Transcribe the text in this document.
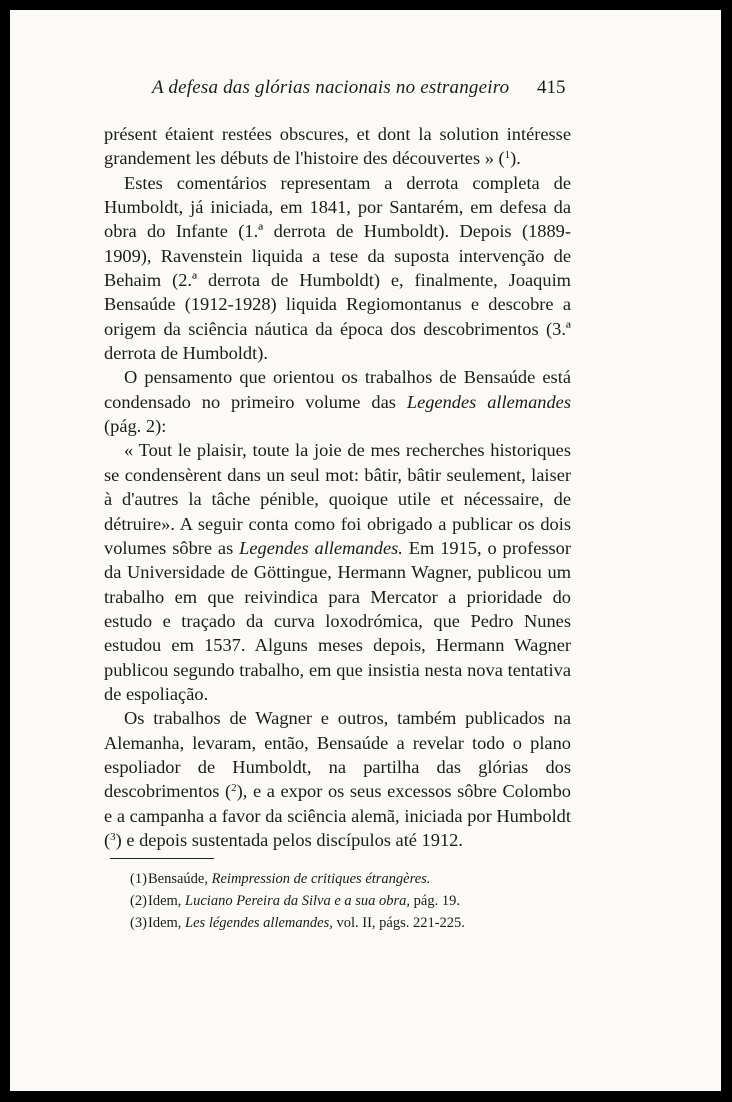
A defesa das glórias nacionais no estrangeiro 415

présent étaient restées obscures, et dont la solution intéresse grandement les débuts de l'histoire des découvertes » ($^1$).

Estes comentários representam a derrota completa de Humboldt, já iniciada, em 1841, por Santarém, em defesa da obra do Infante (1.ª derrota de Humboldt). Depois (1889-1909), Ravenstein liquida a tese da suposta intervenção de Behaim (2.ª derrota de Humboldt) e, finalmente, Joaquim Bensaúde (1912-1928) liquida Regiomontanus e descobre a origem da sciência náutica da época dos descobrimentos (3.ª derrota de Humboldt).

O pensamento que orientou os trabalhos de Bensaúde está condensado no primeiro volume das Legendes allemandes (pág. 2):

« Tout le plaisir, toute la joie de mes recherches historiques se condensèrent dans un seul mot: bâtir, bâtir seulement, laiser à d'autres la tâche pénible, quoique utile et nécessaire, de détruire». A seguir conta como foi obrigado a publicar os dois volumes sôbre as Legendes allemandes. Em 1915, o professor da Universidade de Göttingue, Hermann Wagner, publicou um trabalho em que reivindica para Mercator a prioridade do estudo e traçado da curva loxodrómica, que Pedro Nunes estudou em 1537. Alguns meses depois, Hermann Wagner publicou segundo trabalho, em que insistia nesta nova tentativa de espoliação.

Os trabalhos de Wagner e outros, também publicados na Alemanha, levaram, então, Bensaúde a revelar todo o plano espoliador de Humboldt, na partilha das glórias dos descobrimentos ($^2$), e a expor os seus excessos sôbre Colombo e a campanha a favor da sciência alemã, iniciada por Humboldt ($^3$) e depois sustentada pelos discípulos até 1912.

(1)Bensaúde, Reimpression de critiques étrangères.

(2)Idem, Luciano Pereira da Silva e a sua obra, pág. 19.

(3)Idem, Les légendes allemandes, vol. II, págs. 221-225.
